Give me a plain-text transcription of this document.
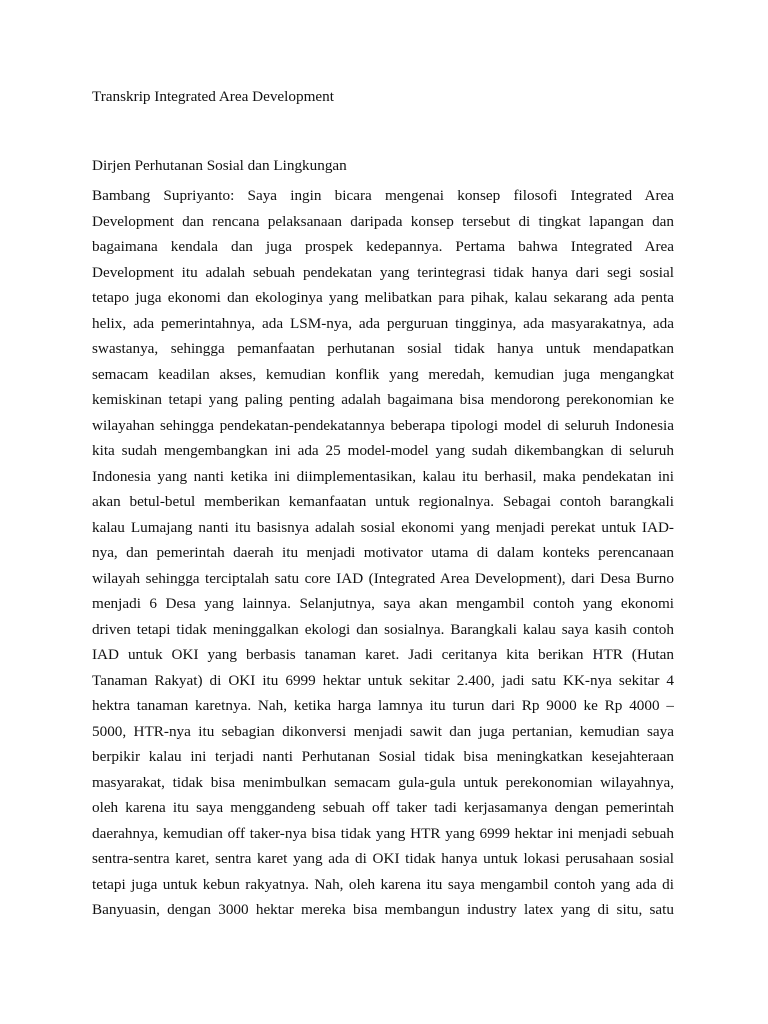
Transkrip Integrated Area Development
Dirjen Perhutanan Sosial dan Lingkungan
Bambang Supriyanto: Saya ingin bicara mengenai konsep filosofi Integrated Area
Development dan rencana pelaksanaan daripada konsep tersebut di tingkat lapangan dan
bagaimana kendala dan juga prospek kedepannya. Pertama bahwa Integrated Area
Development itu adalah sebuah pendekatan yang terintegrasi tidak hanya dari segi sosial
tetapo juga ekonomi dan ekologinya yang melibatkan para pihak, kalau sekarang ada penta
helix, ada pemerintahnya, ada LSM-nya, ada perguruan tingginya, ada masyarakatnya, ada
swastanya, sehingga pemanfaatan perhutanan sosial tidak hanya untuk mendapatkan
semacam keadilan akses, kemudian konflik yang meredah, kemudian juga mengangkat
kemiskinan tetapi yang paling penting adalah bagaimana bisa mendorong perekonomian ke
wilayahan sehingga pendekatan-pendekatannya beberapa tipologi model di seluruh Indonesia
kita sudah mengembangkan ini ada 25 model-model yang sudah dikembangkan di seluruh
Indonesia yang nanti ketika ini diimplementasikan, kalau itu berhasil, maka pendekatan ini
akan betul-betul memberikan kemanfaatan untuk regionalnya. Sebagai contoh barangkali
kalau Lumajang nanti itu basisnya adalah sosial ekonomi yang menjadi perekat untuk IAD-
nya, dan pemerintah daerah itu menjadi motivator utama di dalam konteks perencanaan
wilayah sehingga terciptalah satu core IAD (Integrated Area Development), dari Desa Burno
menjadi 6 Desa yang lainnya. Selanjutnya, saya akan mengambil contoh yang ekonomi
driven tetapi tidak meninggalkan ekologi dan sosialnya. Barangkali kalau saya kasih contoh
IAD untuk OKI yang berbasis tanaman karet. Jadi ceritanya kita berikan HTR (Hutan
Tanaman Rakyat) di OKI itu 6999 hektar untuk sekitar 2.400, jadi satu KK-nya sekitar 4
hektra tanaman karetnya. Nah, ketika harga lamnya itu turun dari Rp 9000 ke Rp 4000 –
5000, HTR-nya itu sebagian dikonversi menjadi sawit dan juga pertanian, kemudian saya
berpikir kalau ini terjadi nanti Perhutanan Sosial tidak bisa meningkatkan kesejahteraan
masyarakat, tidak bisa menimbulkan semacam gula-gula untuk perekonomian wilayahnya,
oleh karena itu saya menggandeng sebuah off taker tadi kerjasamanya dengan pemerintah
daerahnya, kemudian off taker-nya bisa tidak yang HTR yang 6999 hektar ini menjadi sebuah
sentra-sentra karet, sentra karet yang ada di OKI tidak hanya untuk lokasi perusahaan sosial
tetapi juga untuk kebun rakyatnya. Nah, oleh karena itu saya mengambil contoh yang ada di
Banyuasin, dengan 3000 hektar mereka bisa membangun industry latex yang di situ, satu
